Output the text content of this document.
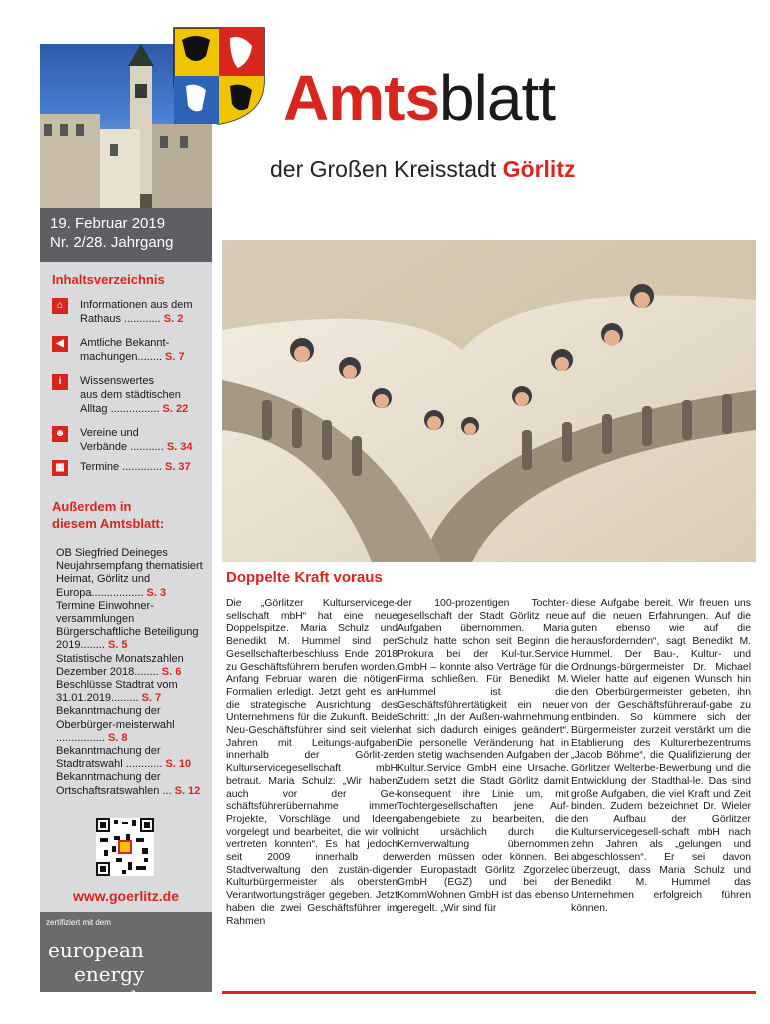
Amtsblatt
der Großen Kreisstadt Görlitz
19. Februar 2019
Nr. 2/28. Jahrgang
Inhaltsverzeichnis
⌂	Informationen aus dem
Rathaus ............ S. 2
◀	Amtliche Bekannt-
machungen........ S. 7
i	Wissenswertes
aus dem städtischen
Alltag ................ S. 22
☻ Vereine und
Verbände ........... S. 34
▦ Termine ............. S. 37
Außerdem in
diesem Amtsblatt:
OB Siegfried Deineges Neujahrsempfang thematisiert Heimat, Görlitz und Europa................. S. 3
Termine Einwohner-versammlungen Bürgerschaftliche Beteiligung 2019........ S. 5
Statistische Monatszahlen Dezember 2018........ S. 6
Beschlüsse Stadtrat vom 31.01.2019......... S. 7
Bekanntmachung der Oberbürger-meisterwahl ................ S. 8
Bekanntmachung der Stadtratswahl ............ S. 10
Bekanntmachung der Ortschaftsratswahlen ... S. 12
www.goerlitz.de
zertifiziert mit dem
european
energy award
Doppelte Kraft voraus
Die „Görlitzer Kulturservicege-sellschaft mbH“ hat eine neue Doppelspitze. Maria Schulz und Benedikt M. Hummel sind per Gesellschafterbeschluss Ende 2018 zu Geschäftsführern berufen worden. Anfang Februar waren die nötigen Formalien erledigt. Jetzt geht es an die strategische Ausrichtung des Unternehmens für die Zukunft. Beide Neu-Geschäftsführer sind seit vielen Jahren mit Leitungs-aufgaben innerhalb der Görlit-zer Kulturservicegesellschaft mbH betraut. Maria Schulz: „Wir haben auch vor der Ge-schäftsführerübernahme immer Projekte, Vorschläge und Ideen vorgelegt und bearbeitet, die wir voll vertreten konnten“. Es hat jedoch seit 2009 innerhalb der Stadtverwaltung den zustän-digen Kulturbürgermeister als obersten Verantwortungsträger gegeben. Jetzt haben die zwei Geschäftsführer im Rahmen
der 100-prozentigen Tochter-gesellschaft der Stadt Görlitz neue Aufgaben übernommen. Maria Schulz hatte schon seit Beginn die Prokura bei der Kul-tur.Service GmbH – konnte also Verträge für die Firma schließen. Für Benedikt M. Hummel ist die Geschäftsführertätigkeit ein neuer Schritt: „In der Außen-wahrnehmung hat sich dadurch einiges geändert“. Die personelle Veränderung hat in den stetig wachsenden Aufgaben der Kultur.Service GmbH eine Ursache. Zudem setzt die Stadt Görlitz damit konsequent ihre Linie um, mit Tochtergesellschaften jene Auf-gabengebiete zu bearbeiten, die nicht ursächlich durch die Kernverwaltung übernommen werden müssen oder können. Bei der Europastadt Görlitz Zgorzelec GmbH (EGZ) und bei der KommWohnen GmbH ist das ebenso geregelt. „Wir sind für
diese Aufgabe bereit. Wir freuen uns auf die neuen Erfahrungen. Auf die guten ebenso wie auf die herausfordernden“, sagt Benedikt M. Hummel. Der Bau-, Kultur- und Ordnungs-bürgermeister Dr. Michael Wieler hatte auf eigenen Wunsch hin den Oberbürgermeister gebeten, ihn von der Geschäftsführerauf-gabe zu entbinden. So kümmere sich der Bürgermeister zurzeit verstärkt um die Etablierung des Kulturerbezentrums „Jacob Böhme“, die Qualifizierung der Görlitzer Welterbe-Bewerbung und die Entwicklung der Stadthal-le. Das sind große Aufgaben, die viel Kraft und Zeit binden. Zudem bezeichnet Dr. Wieler den Aufbau der Görlitzer Kulturservicegesell-schaft mbH nach zehn Jahren als „gelungen und abgeschlossen“. Er sei davon überzeugt, dass Maria Schulz und Benedikt M. Hummel das Unternehmen erfolgreich führen können.
